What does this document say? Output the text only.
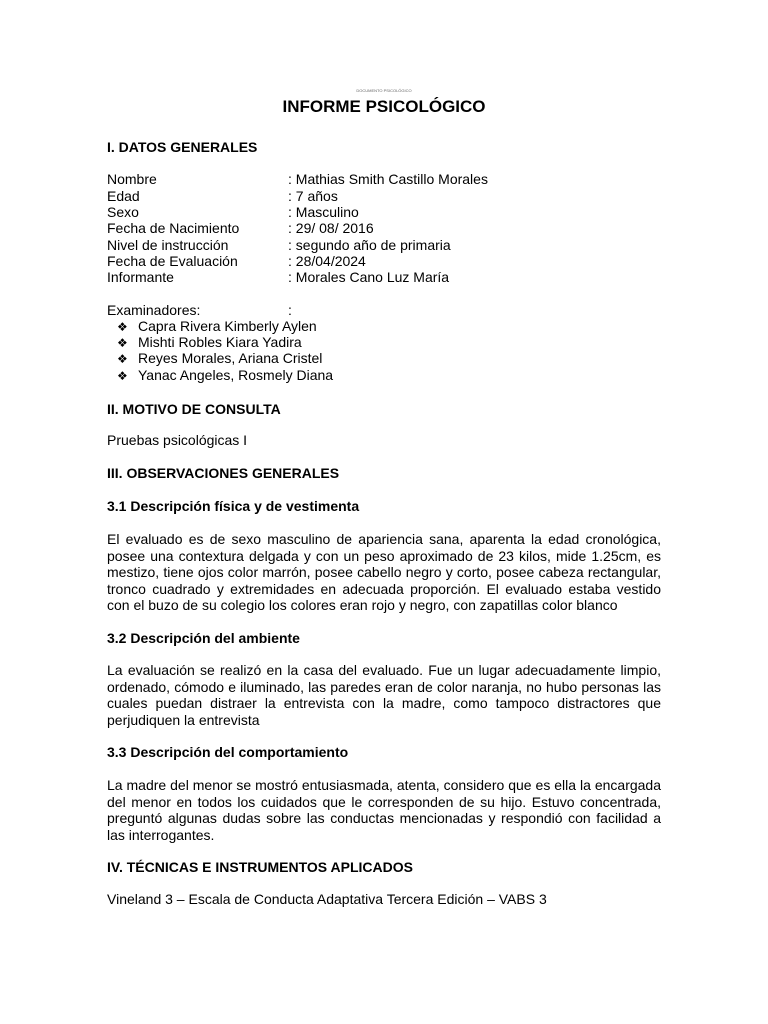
DOCUMENTO PSICOLÓGICO
INFORME PSICOLÓGICO
I. DATOS GENERALES
Nombre	: Mathias Smith Castillo Morales
Edad	: 7 años
Sexo	: Masculino
Fecha de Nacimiento	: 29/ 08/ 2016
Nivel de instrucción	: segundo año de primaria
Fecha de Evaluación	: 28/04/2024
Informante	: Morales Cano Luz María
Examinadores:	:
❖ Capra Rivera Kimberly Aylen
❖ Mishti Robles Kiara Yadira
❖ Reyes Morales, Ariana Cristel
❖ Yanac Angeles, Rosmely Diana
II. MOTIVO DE CONSULTA
Pruebas psicológicas I
III. OBSERVACIONES GENERALES
3.1 Descripción física y de vestimenta
El evaluado es de sexo masculino de apariencia sana, aparenta la edad cronológica, posee una contextura delgada y con un peso aproximado de 23 kilos, mide 1.25cm, es mestizo, tiene ojos color marrón, posee cabello negro y corto, posee cabeza rectangular, tronco cuadrado y extremidades en adecuada proporción. El evaluado estaba vestido con el buzo de su colegio los colores eran rojo y negro, con zapatillas color blanco
3.2 Descripción del ambiente
La evaluación se realizó en la casa del evaluado. Fue un lugar adecuadamente limpio, ordenado, cómodo e iluminado, las paredes eran de color naranja, no hubo personas las cuales puedan distraer la entrevista con la madre, como tampoco distractores que perjudiquen la entrevista
3.3 Descripción del comportamiento
La madre del menor se mostró entusiasmada, atenta, considero que es ella la encargada del menor en todos los cuidados que le corresponden de su hijo. Estuvo concentrada, preguntó algunas dudas sobre las conductas mencionadas y respondió con facilidad a las interrogantes.
IV. TÉCNICAS E INSTRUMENTOS APLICADOS
Vineland 3 – Escala de Conducta Adaptativa Tercera Edición – VABS 3
